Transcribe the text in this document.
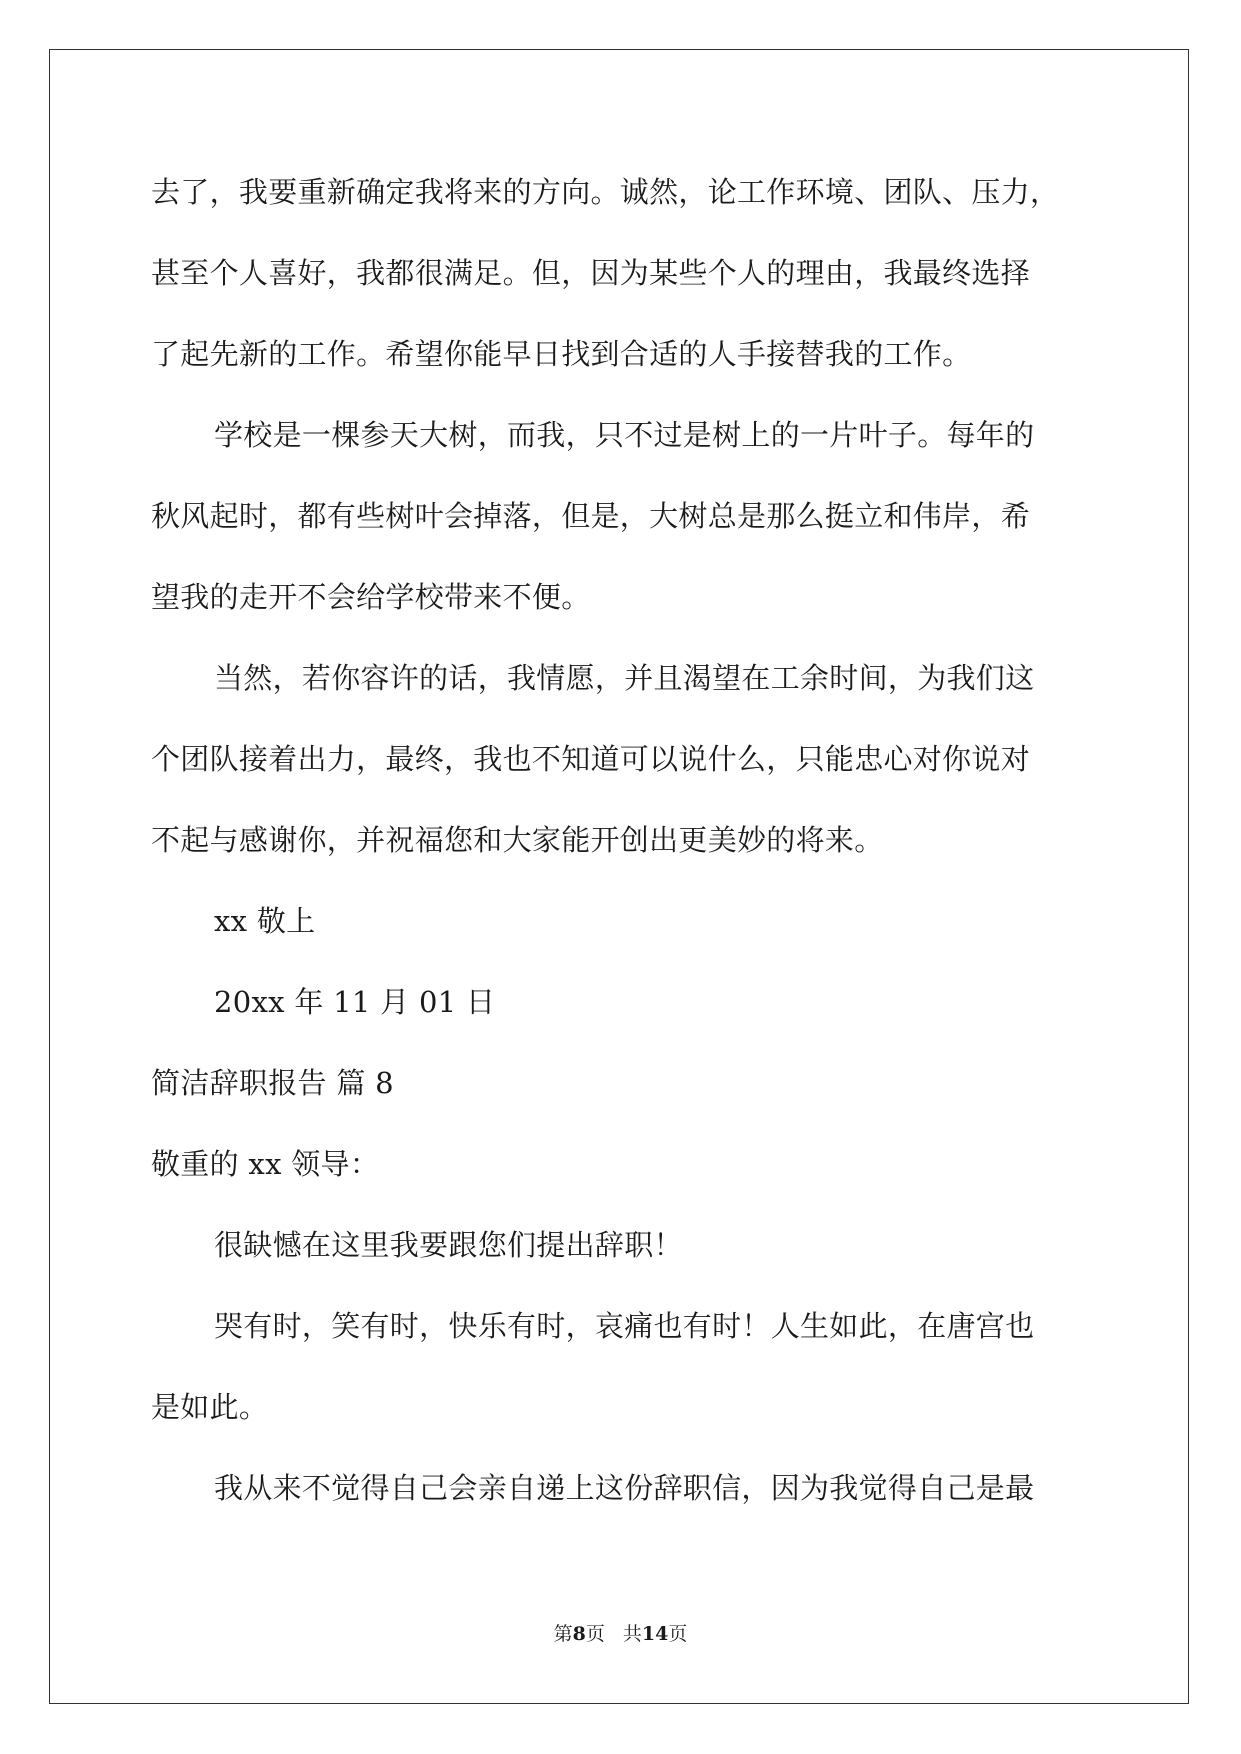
去了，我要重新确定我将来的方向。诚然，论工作环境、团队、压力，
甚至个人喜好，我都很满足。但，因为某些个人的理由，我最终选择
了起先新的工作。希望你能早日找到合适的人手接替我的工作。
学校是一棵参天大树，而我，只不过是树上的一片叶子。每年的
秋风起时，都有些树叶会掉落，但是，大树总是那么挺立和伟岸，希
望我的走开不会给学校带来不便。
当然，若你容许的话，我情愿，并且渴望在工余时间，为我们这
个团队接着出力，最终，我也不知道可以说什么，只能忠心对你说对
不起与感谢你，并祝福您和大家能开创出更美妙的将来。
xx 敬上
20xx 年 11 月 01 日
简洁辞职报告 篇 8
敬重的 xx 领导：
很缺憾在这里我要跟您们提出辞职！
哭有时，笑有时，快乐有时，哀痛也有时！人生如此，在唐宫也
是如此。
我从来不觉得自己会亲自递上这份辞职信，因为我觉得自己是最
第8页 共14页
